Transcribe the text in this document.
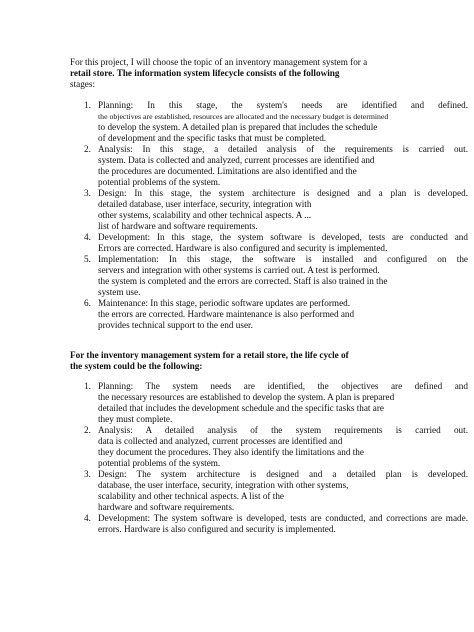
For this project, I will choose the topic of an inventory management system for a
retail store. The information system lifecycle consists of the following
stages:
1. Planning: In this stage, the system's needs are identified and defined.
the objectives are established, resources are allocated and the necessary budget is determined
to develop the system. A detailed plan is prepared that includes the schedule
of development and the specific tasks that must be completed.
2. Analysis: In this stage, a detailed analysis of the requirements is carried out.
system. Data is collected and analyzed, current processes are identified and
the procedures are documented. Limitations are also identified and the
potential problems of the system.
3. Design: In this stage, the system architecture is designed and a plan is developed.
detailed database, user interface, security, integration with
other systems, scalability and other technical aspects. A ...
list of hardware and software requirements.
4. Development: In this stage, the system software is developed, tests are conducted and
Errors are corrected. Hardware is also configured and security is implemented.
5. Implementation: In this stage, the software is installed and configured on the
servers and integration with other systems is carried out. A test is performed.
the system is completed and the errors are corrected. Staff is also trained in the
system use.
6. Maintenance: In this stage, periodic software updates are performed.
the errors are corrected. Hardware maintenance is also performed and
provides technical support to the end user.
For the inventory management system for a retail store, the life cycle of
the system could be the following:
1. Planning: The system needs are identified, the objectives are defined and
the necessary resources are established to develop the system. A plan is prepared
detailed that includes the development schedule and the specific tasks that are
they must complete.
2. Analysis: A detailed analysis of the system requirements is carried out.
data is collected and analyzed, current processes are identified and
they document the procedures. They also identify the limitations and the
potential problems of the system.
3. Design: The system architecture is designed and a detailed plan is developed.
database, the user interface, security, integration with other systems,
scalability and other technical aspects. A list of the
hardware and software requirements.
4. Development: The system software is developed, tests are conducted, and corrections are made.
errors. Hardware is also configured and security is implemented.
